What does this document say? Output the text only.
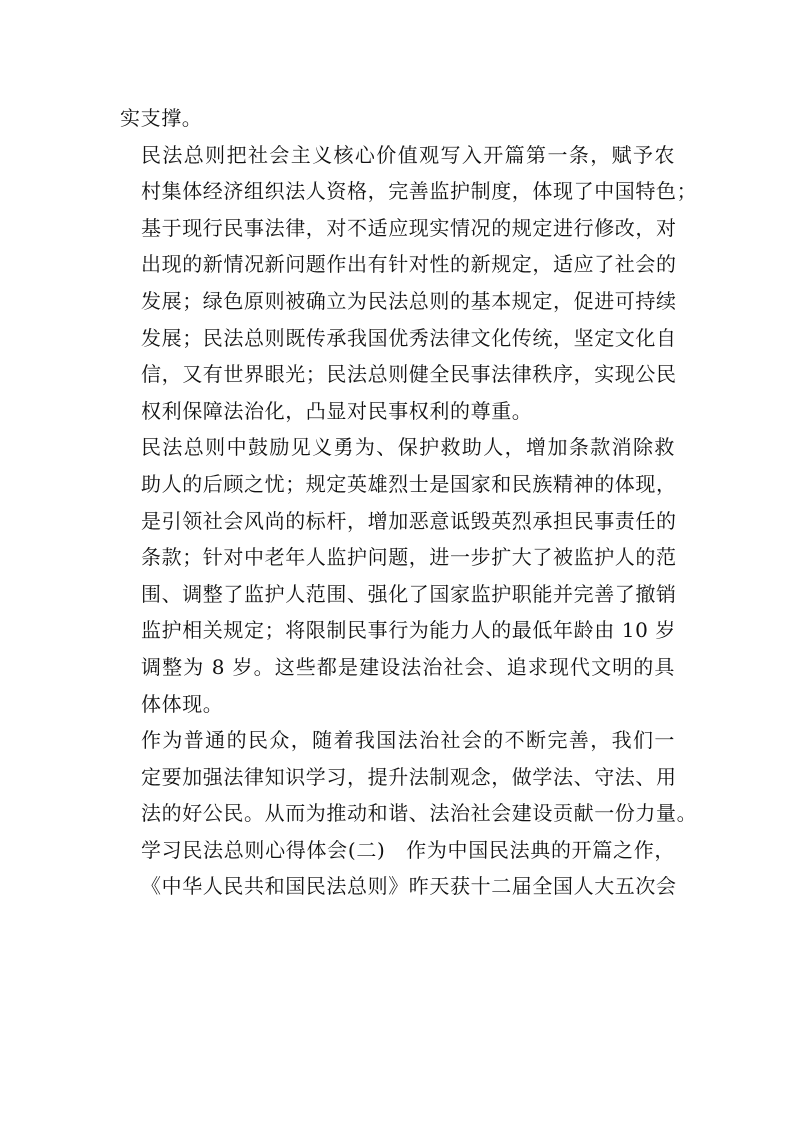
实支撑。

民法总则把社会主义核心价值观写入开篇第一条，赋予农
村集体经济组织法人资格，完善监护制度，体现了中国特色；
基于现行民事法律，对不适应现实情况的规定进行修改，对
出现的新情况新问题作出有针对性的新规定，适应了社会的
发展；绿色原则被确立为民法总则的基本规定，促进可持续
发展；民法总则既传承我国优秀法律文化传统，坚定文化自
信，又有世界眼光；民法总则健全民事法律秩序，实现公民
权利保障法治化，凸显对民事权利的尊重。

民法总则中鼓励见义勇为、保护救助人，增加条款消除救
助人的后顾之忧；规定英雄烈士是国家和民族精神的体现，
是引领社会风尚的标杆，增加恶意诋毁英烈承担民事责任的
条款；针对中老年人监护问题，进一步扩大了被监护人的范
围、调整了监护人范围、强化了国家监护职能并完善了撤销
监护相关规定；将限制民事行为能力人的最低年龄由 10 岁
调整为 8 岁。这些都是建设法治社会、追求现代文明的具
体体现。

作为普通的民众，随着我国法治社会的不断完善，我们一
定要加强法律知识学习，提升法制观念，做学法、守法、用
法的好公民。从而为推动和谐、法治社会建设贡献一份力量。

学习民法总则心得体会(二)　作为中国民法典的开篇之作，
《中华人民共和国民法总则》昨天获十二届全国人大五次会
